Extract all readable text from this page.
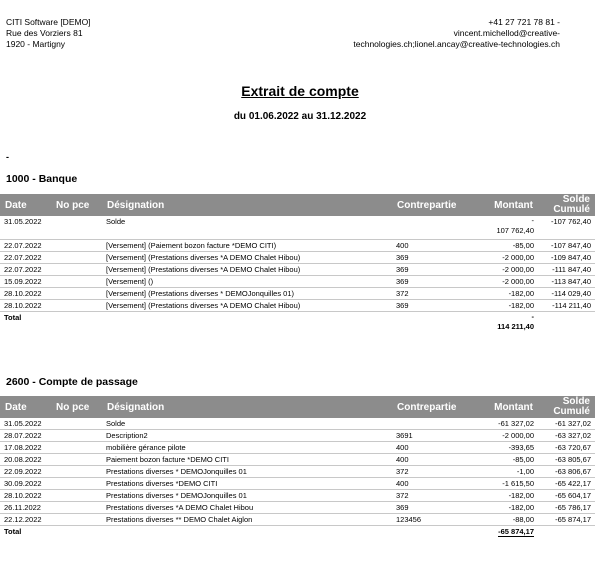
CITI Software [DEMO]
Rue des Vorziers 81
1920 - Martigny
+41 27 721 78 81 -
vincent.michellod@creative-
technologies.ch;lionel.ancay@creative-technologies.ch
Extrait de compte
du 01.06.2022 au 31.12.2022
-
1000 - Banque
Date	No pce	Désignation	Contrepartie	Montant	Solde
Cumulé

31.05.2022		Solde		-
107 762,40	-107 762,40
22.07.2022		[Versement] (Paiement bozon facture *DEMO CITI)	400	-85,00	-107 847,40
22.07.2022		[Versement] (Prestations diverses *A DEMO Chalet Hibou)	369	-2 000,00	-109 847,40
22.07.2022		[Versement] (Prestations diverses *A DEMO Chalet Hibou)	369	-2 000,00	-111 847,40
15.09.2022		[Versement] ()	369	-2 000,00	-113 847,40
28.10.2022		[Versement] (Prestations diverses * DEMOJonquilles 01)	372	-182,00	-114 029,40
28.10.2022		[Versement] (Prestations diverses *A DEMO Chalet Hibou)	369	-182,00	-114 211,40
Total				-
114 211,40	

2600 - Compte de passage
Date	No pce	Désignation	Contrepartie	Montant	Solde
Cumulé

31.05.2022		Solde		-61 327,02	-61 327,02
28.07.2022		Description2	3691	-2 000,00	-63 327,02
17.08.2022		mobilière gérance pilote	400	-393,65	-63 720,67
20.08.2022		Paiement bozon facture *DEMO CITI	400	-85,00	-63 805,67
22.09.2022		Prestations diverses * DEMOJonquilles 01	372	-1,00	-63 806,67
30.09.2022		Prestations diverses *DEMO CITI	400	-1 615,50	-65 422,17
28.10.2022		Prestations diverses * DEMOJonquilles 01	372	-182,00	-65 604,17
26.11.2022		Prestations diverses *A DEMO Chalet Hibou	369	-182,00	-65 786,17
22.12.2022		Prestations diverses ** DEMO Chalet Aiglon	123456	-88,00	-65 874,17
Total				-65 874,17	
